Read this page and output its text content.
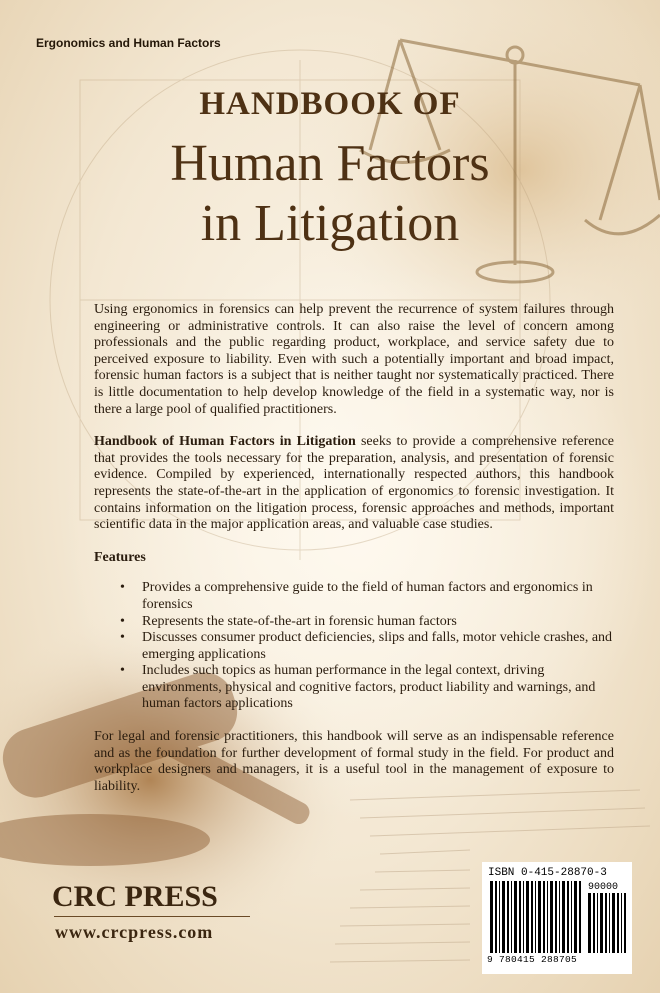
Ergonomics and Human Factors
HANDBOOK OF
Human Factors
in Litigation

Using ergonomics in forensics can help prevent the recurrence of system failures through engineering or administrative controls. It can also raise the level of concern among professionals and the public regarding product, workplace, and service safety due to perceived exposure to liability. Even with such a potentially important and broad impact, forensic human factors is a subject that is neither taught nor systematically practiced. There is little documentation to help develop knowledge of the field in a systematic way, nor is there a large pool of qualified practitioners.

Handbook of Human Factors in Litigation seeks to provide a comprehensive reference that provides the tools necessary for the preparation, analysis, and presentation of forensic evidence. Compiled by experienced, internationally respected authors, this handbook represents the state-of-the-art in the application of ergonomics to forensic investigation. It contains information on the litigation process, forensic approaches and methods, important scientific data in the major application areas, and valuable case studies.

Features
• Provides a comprehensive guide to the field of human factors and ergonomics in forensics
• Represents the state-of-the-art in forensic human factors
• Discusses consumer product deficiencies, slips and falls, motor vehicle crashes, and emerging applications
• Includes such topics as human performance in the legal context, driving environments, physical and cognitive factors, product liability and warnings, and human factors applications

For legal and forensic practitioners, this handbook will serve as an indispensable reference and as the foundation for further development of formal study in the field. For product and workplace designers and managers, it is a useful tool in the management of exposure to liability.

CRC PRESS
www.crcpress.com
ISBN 0-415-28870-3
90000
9 780415 288705
